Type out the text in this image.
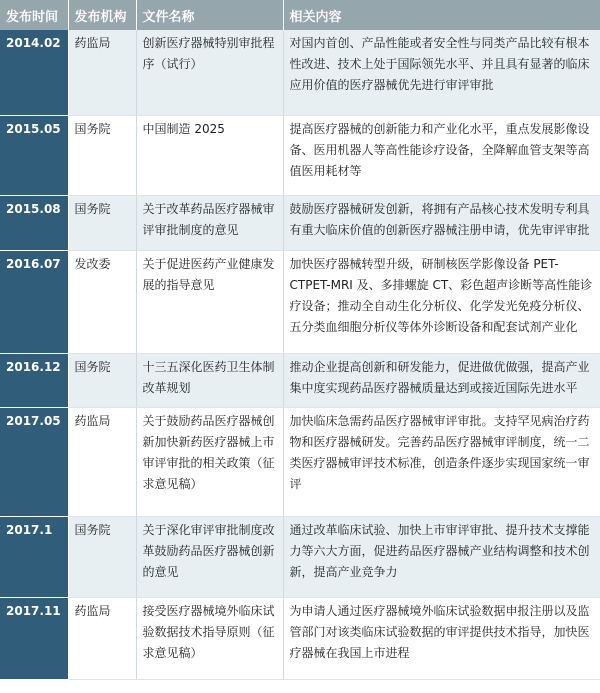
发布时间	发布机构	文件名称	相关内容
2014.02	药监局	创新医疗器械特别审批程序（试行）	对国内首创、产品性能或者安全性与同类产品比较有根本性改进、技术上处于国际领先水平、并且具有显著的临床应用价值的医疗器械优先进行审评审批
2015.05	国务院	中国制造 2025	提高医疗器械的创新能力和产业化水平，重点发展影像设备、医用机器人等高性能诊疗设备，全降解血管支架等高值医用耗材等
2015.08	国务院	关于改革药品医疗器械审评审批制度的意见	鼓励医疗器械研发创新，将拥有产品核心技术发明专利具有重大临床价值的创新医疗器械注册申请，优先审评审批
2016.07	发改委	关于促进医药产业健康发展的指导意见	加快医疗器械转型升级，研制核医学影像设备 PET-CTPET-MRI 及、多排螺旋 CT、彩色超声诊断等高性能诊疗设备；推动全自动生化分析仪、化学发光免疫分析仪、五分类血细胞分析仪等体外诊断设备和配套试剂产业化
2016.12	国务院	十三五深化医药卫生体制改革规划	推动企业提高创新和研发能力，促进做优做强，提高产业集中度实现药品医疗器械质量达到或接近国际先进水平
2017.05	药监局	关于鼓励药品医疗器械创新加快新药医疗器械上市审评审批的相关政策（征求意见稿）	加快临床急需药品医疗器械审评审批。支持罕见病治疗药物和医疗器械研发。完善药品医疗器械审评制度，统一二类医疗器械审评技术标准，创造条件逐步实现国家统一审评
2017.1	国务院	关于深化审评审批制度改革鼓励药品医疗器械创新的意见	通过改革临床试验、加快上市审评审批、提升技术支撑能力等六大方面，促进药品医疗器械产业结构调整和技术创新，提高产业竞争力
2017.11	药监局	接受医疗器械境外临床试验数据技术指导原则（征求意见稿）	为申请人通过医疗器械境外临床试验数据申报注册以及监管部门对该类临床试验数据的审评提供技术指导，加快医疗器械在我国上市进程
